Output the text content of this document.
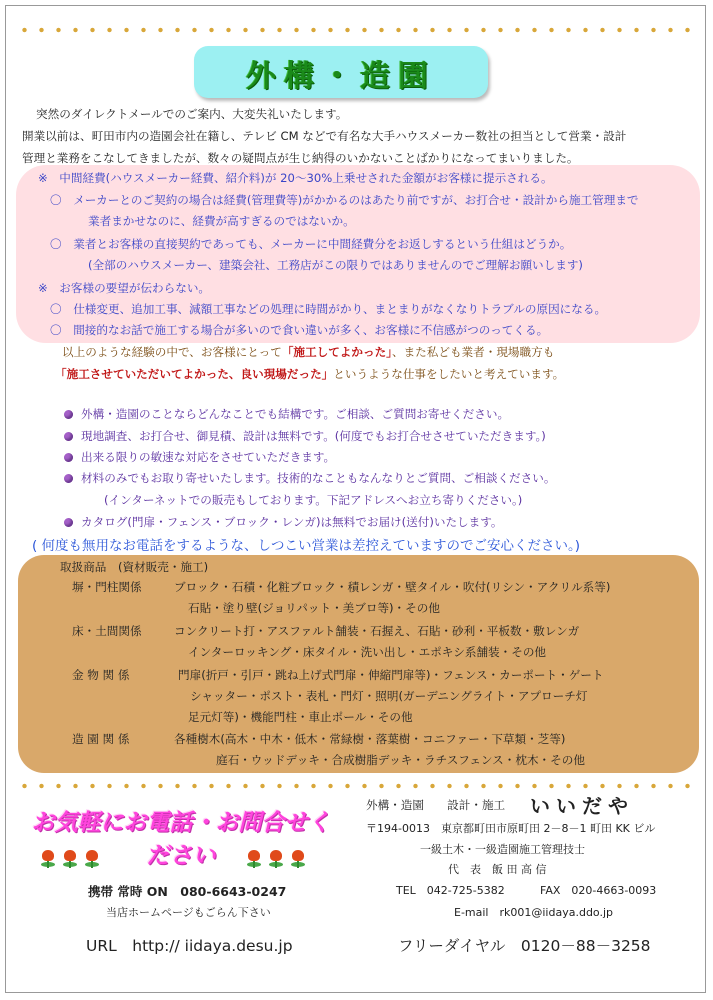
外構・造園
突然のダイレクトメールでのご案内、大変失礼いたします。
開業以前は、町田市内の造園会社在籍し、テレビ CM などで有名な大手ハウスメーカー数社の担当として営業・設計
管理と業務をこなしてきましたが、数々の疑問点が生じ納得のいかないことばかりになってまいりました。
※　中間経費(ハウスメーカー経費、紹介料)が 20～30%上乗せされた金額がお客様に提示される。
〇　メーカーとのご契約の場合は経費(管理費等)がかかるのはあたり前ですが、お打合せ・設計から施工管理まで
業者まかせなのに、経費が高すぎるのではないか。
〇　業者とお客様の直接契約であっても、メーカーに中間経費分をお返しするという仕組はどうか。
(全部のハウスメーカー、建築会社、工務店がこの限りではありませんのでご理解お願いします)
※　お客様の要望が伝わらない。
〇　仕様変更、追加工事、減額工事などの処理に時間がかり、まとまりがなくなりトラブルの原因になる。
〇　間接的なお話で施工する場合が多いので食い違いが多く、お客様に不信感がつのってくる。
以上のような経験の中で、お客様にとって「施工してよかった」、また私ども業者・現場職方も
「施工させていただいてよかった、良い現場だった」というような仕事をしたいと考えています。
外構・造園のことならどんなことでも結構です。ご相談、ご質問お寄せください。
現地調査、お打合せ、御見積、設計は無料です。(何度でもお打合せさせていただきます。)
出来る限りの敏速な対応をさせていただきます。
材料のみでもお取り寄せいたします。技術的なこともなんなりとご質問、ご相談ください。
(インターネットでの販売もしております。下記アドレスへお立ち寄りください。)
カタログ(門扉・フェンス・ブロック・レンガ)は無料でお届け(送付)いたします。
( 何度も無用なお電話をするような、しつこい営業は差控えていますのでご安心ください。)
取扱商品　(資材販売・施工)
塀・門柱関係	ブロック・石積・化粧ブロック・積レンガ・壁タイル・吹付(リシン・アクリル系等)
石貼・塗り壁(ジョリパット・美ブロ等)・その他
床・土間関係	コンクリート打・アスファルト舗装・石握え、石貼・砂利・平板数・敷レンガ
インターロッキング・床タイル・洗い出し・エポキシ系舗装・その他
金 物 関 係	門扉(折戸・引戸・跳ね上げ式門扉・伸縮門扉等)・フェンス・カーポート・ゲート
シャッター・ポスト・表札・門灯・照明(ガーデニングライト・アプローチ灯
足元灯等)・機能門柱・車止ポール・その他
造 園 関 係	各種樹木(高木・中木・低木・常緑樹・落葉樹・コニファー・下草類・芝等)
庭石・ウッドデッキ・合成樹脂デッキ・ラチスフェンス・枕木・その他
お気軽にお電話・お問合せください
携帯 常時 ON　080-6643-0247
当店ホームページもごらん下さい
URL　http:// iidaya.desu.jp
外構・造園　　設計・施工 いいだや
〒194-0013　東京都町田市原町田 2－8－1 町田 KK ビル
一級土木・一級造園施工管理技士
代　表　飯 田 高 信
TEL　042-725-5382	FAX　020-4663-0093
E-mail　rk001@iidaya.ddo.jp
フリーダイヤル　0120－88－3258
